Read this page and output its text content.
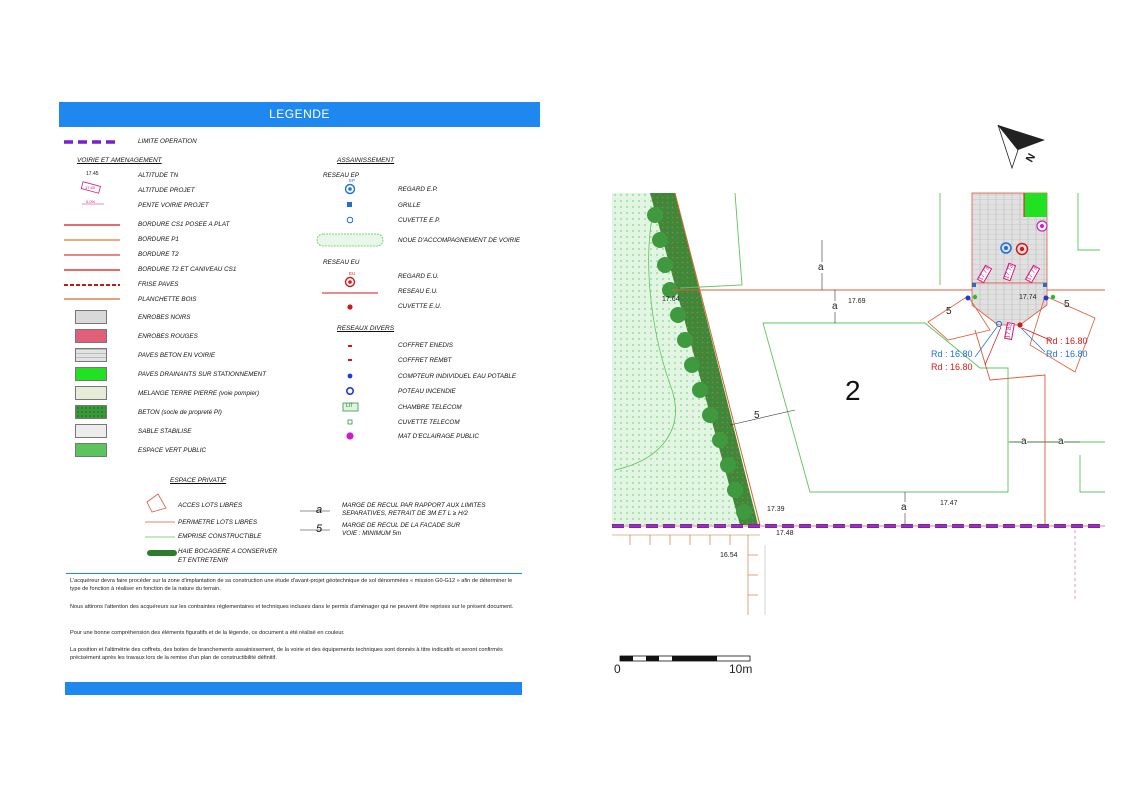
LEGENDE
LIMITE OPERATION
VOIRIE ET AMENAGEMENT
17.45
17.60
0.0%
ALTITUDE TN
ALTITUDE PROJET
PENTE VOIRIE PROJET
BORDURE CS1 POSEE A PLAT
BORDURE P1
BORDURE T2
BORDURE T2 ET CANIVEAU CS1
FRISE PAVES
PLANCHETTE BOIS
ENROBES NOIRS
ENROBES ROUGES
PAVES BETON EN VOIRIE
PAVES DRAINANTS SUR STATIONNEMENT
MELANGE TERRE PIERRE (voie pompier)
BETON (socle de propreté PI)
SABLE STABILISE
ESPACE VERT PUBLIC
ASSAINISSEMENT
RESEAU EP
EP
REGARD E.P.
GRILLE
CUVETTE E.P.
NOUE D'ACCOMPAGNEMENT DE VOIRIE
RESEAU EU
EU	REGARD E.U.
RESEAU E.U.
CUVETTE E.U.
RESEAUX DIVERS
COFFRET ENEDIS
COFFRET REMBT
COMPTEUR INDIVIDUEL EAU POTABLE
POTEAU INCENDIE
LIT	CHAMBRE TELECOM
CUVETTE TELECOM
MAT D'ECLAIRAGE PUBLIC
ESPACE PRIVATIF
ACCES LOTS LIBRES
PERIMETRE LOTS LIBRES
EMPRISE CONSTRUCTIBLE
HAIE BOCAGERE A CONSERVER
ET ENTRETENIR
a	MARGE DE RECUL PAR RAPPORT AUX LIMITES
SEPARATIVES, RETRAIT DE 3M ET L ≥ H/2
5	MARGE DE RECUL DE LA FACADE SUR
VOIE : MINIMUM 5m
L'acquéreur devra faire procéder sur la zone d'implantation de sa construction une étude d'avant-projet géotechnique de sol dénommées « mission G0-G12 » afin de déterminer le type de fonction à réaliser en fonction de la nature du terrain.
Nous attirons l'attention des acquéreurs sur les contraintes réglementaires et techniques incluses dans le permis d'aménager qui ne peuvent être reprises sur le présent document.
Pour une bonne compréhension des éléments figuratifs et de la légende, ce document a été réalisé en couleur.
La position et l'altimétrie des coffrets, des boites de branchements assainissement, de la voirie et des équipements techniques sont donnés à titre indicatifs et seront confirmés précisément après les travaux lors de la remise d'un plan de constructibilité définitif.
N
2
17.64	17.69
17.74
17.39
17.48
16.54
17.47
a
a
a	a
a
5
5
5
17.73 17.73 17.73
17.82
Rd : 16.80
Rd : 16.80
Rd : 16.80
Rd : 16.80
0	10m
